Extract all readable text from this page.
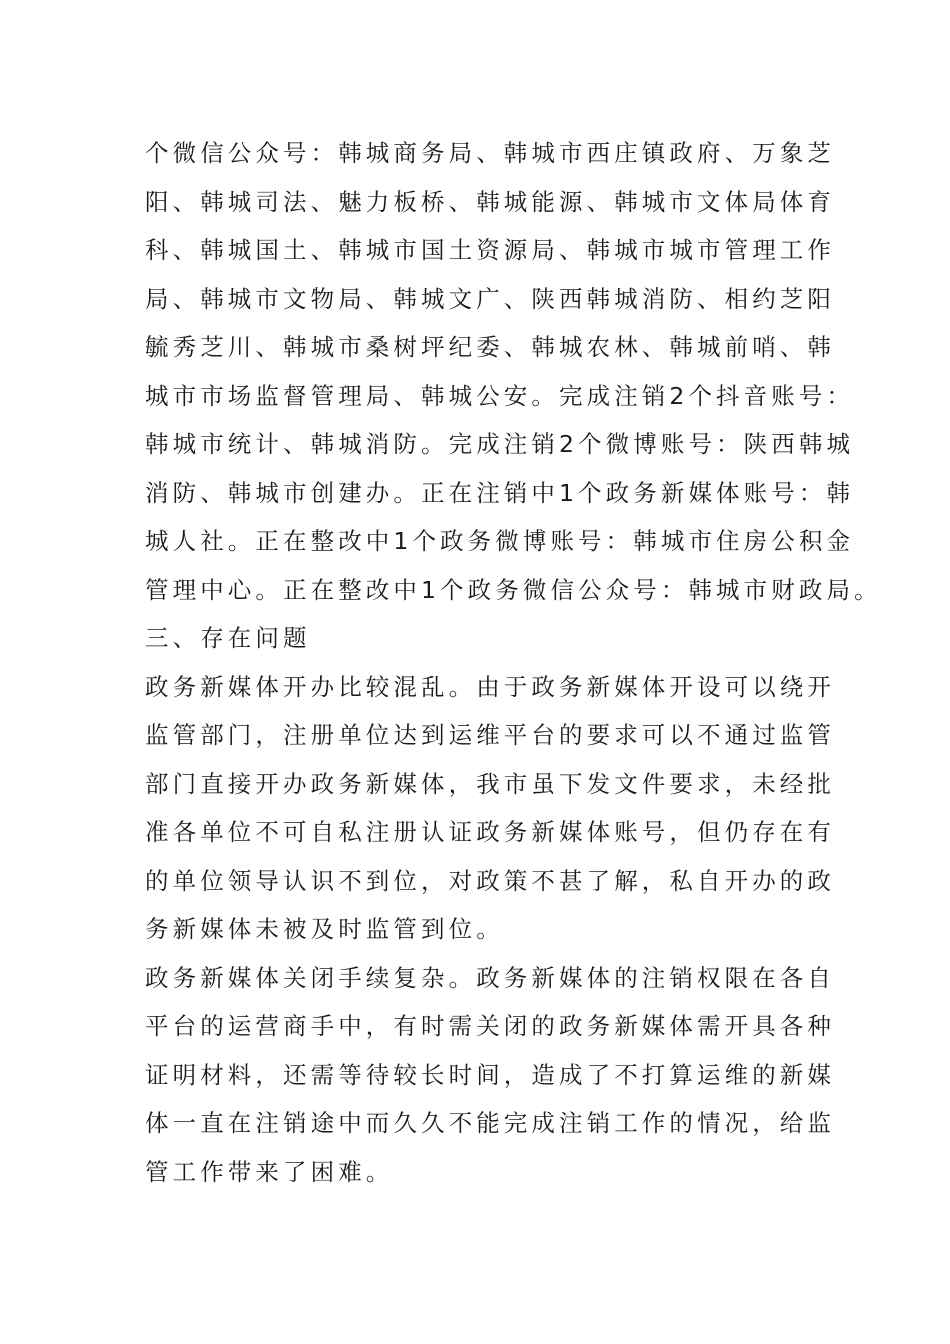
个微信公众号：韩城商务局、韩城市西庄镇政府、万象芝
阳、韩城司法、魅力板桥、韩城能源、韩城市文体局体育
科、韩城国土、韩城市国土资源局、韩城市城市管理工作
局、韩城市文物局、韩城文广、陕西韩城消防、相约芝阳
毓秀芝川、韩城市桑树坪纪委、韩城农林、韩城前哨、韩
城市市场监督管理局、韩城公安。完成注销2个抖音账号：
韩城市统计、韩城消防。完成注销2个微博账号：陕西韩城
消防、韩城市创建办。正在注销中1个政务新媒体账号：韩
城人社。正在整改中1个政务微博账号：韩城市住房公积金
管理中心。正在整改中1个政务微信公众号：韩城市财政局。
三、存在问题
政务新媒体开办比较混乱。由于政务新媒体开设可以绕开
监管部门，注册单位达到运维平台的要求可以不通过监管
部门直接开办政务新媒体，我市虽下发文件要求，未经批
准各单位不可自私注册认证政务新媒体账号，但仍存在有
的单位领导认识不到位，对政策不甚了解，私自开办的政
务新媒体未被及时监管到位。
政务新媒体关闭手续复杂。政务新媒体的注销权限在各自
平台的运营商手中，有时需关闭的政务新媒体需开具各种
证明材料，还需等待较长时间，造成了不打算运维的新媒
体一直在注销途中而久久不能完成注销工作的情况，给监
管工作带来了困难。
